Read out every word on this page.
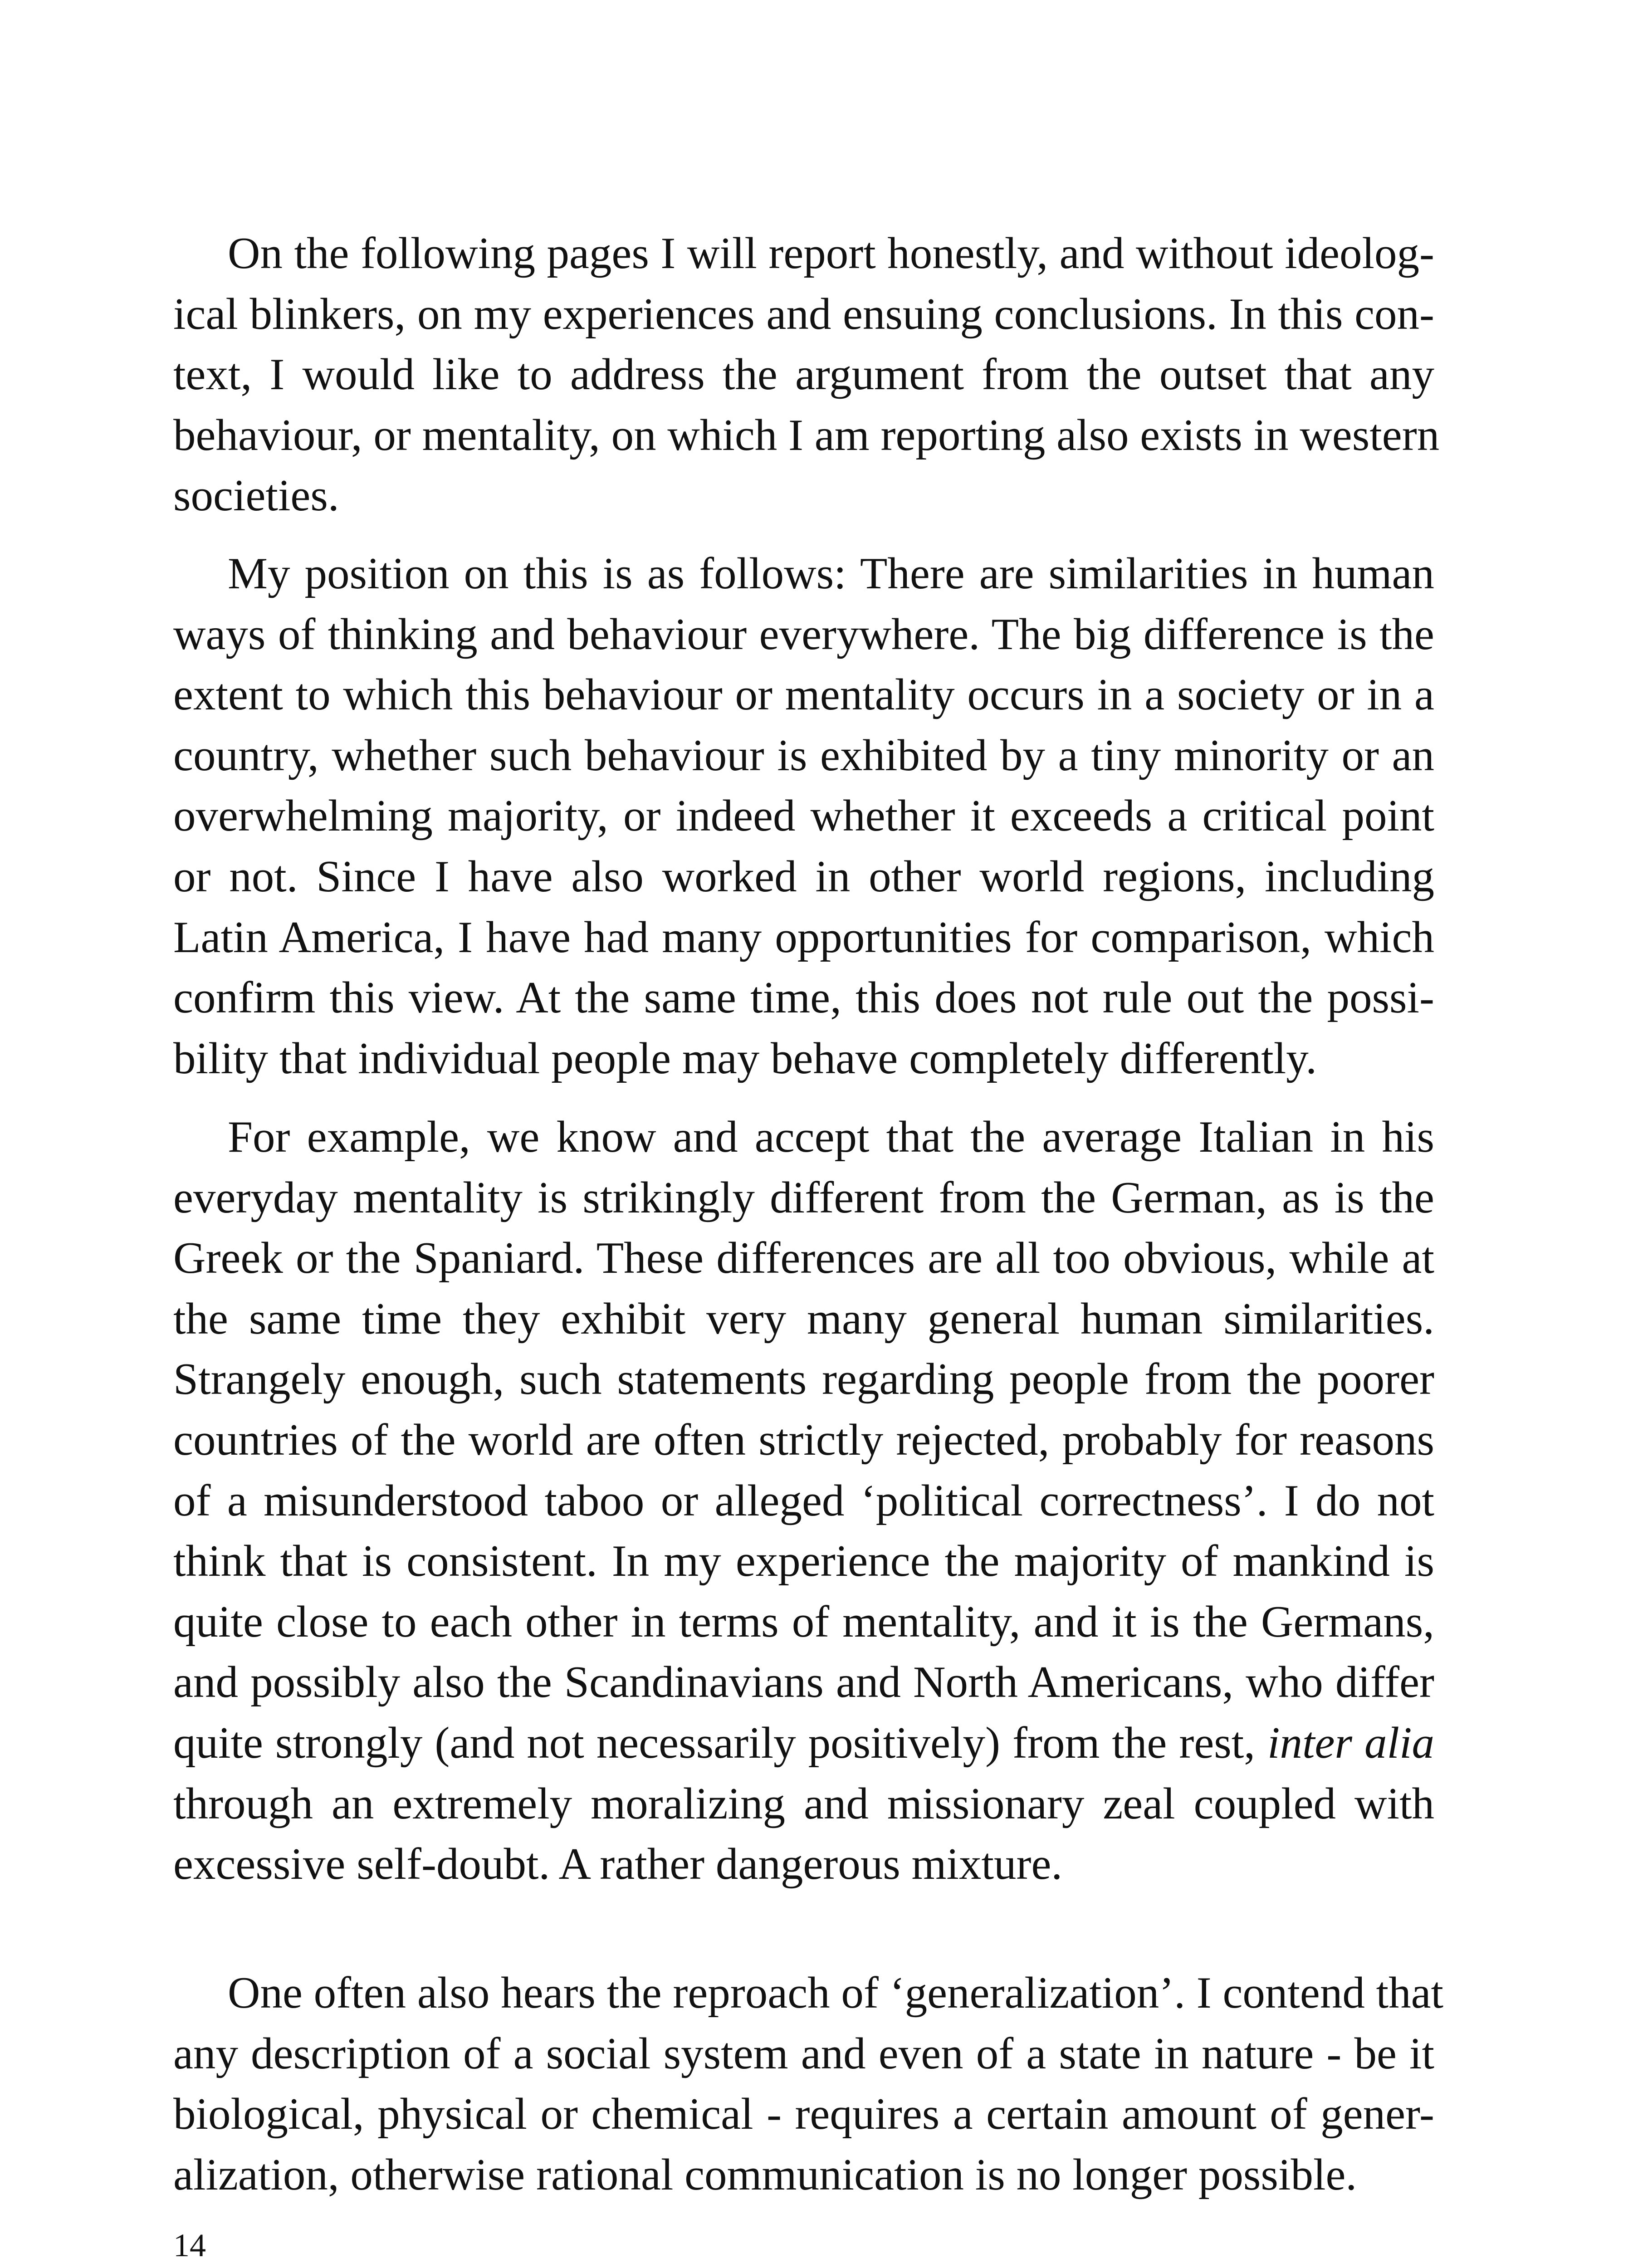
On the following pages I will report honestly, and without ideolog-
ical blinkers, on my experiences and ensuing conclusions. In this con-
text, I would like to address the argument from the outset that any
behaviour, or mentality, on which I am reporting also exists in western
societies.
My position on this is as follows: There are similarities in human
ways of thinking and behaviour everywhere. The big difference is the
extent to which this behaviour or mentality occurs in a society or in a
country, whether such behaviour is exhibited by a tiny minority or an
overwhelming majority, or indeed whether it exceeds a critical point
or not. Since I have also worked in other world regions, including
Latin America, I have had many opportunities for comparison, which
confirm this view. At the same time, this does not rule out the possi-
bility that individual people may behave completely differently.
For example, we know and accept that the average Italian in his
everyday mentality is strikingly different from the German, as is the
Greek or the Spaniard. These differences are all too obvious, while at
the same time they exhibit very many general human similarities.
Strangely enough, such statements regarding people from the poorer
countries of the world are often strictly rejected, probably for reasons
of a misunderstood taboo or alleged ‘political correctness’. I do not
think that is consistent. In my experience the majority of mankind is
quite close to each other in terms of mentality, and it is the Germans,
and possibly also the Scandinavians and North Americans, who differ
quite strongly (and not necessarily positively) from the rest, inter alia
through an extremely moralizing and missionary zeal coupled with
excessive self-doubt. A rather dangerous mixture.
One often also hears the reproach of ‘generalization’. I contend that
any description of a social system and even of a state in nature - be it
biological, physical or chemical - requires a certain amount of gener-
alization, otherwise rational communication is no longer possible.
14
